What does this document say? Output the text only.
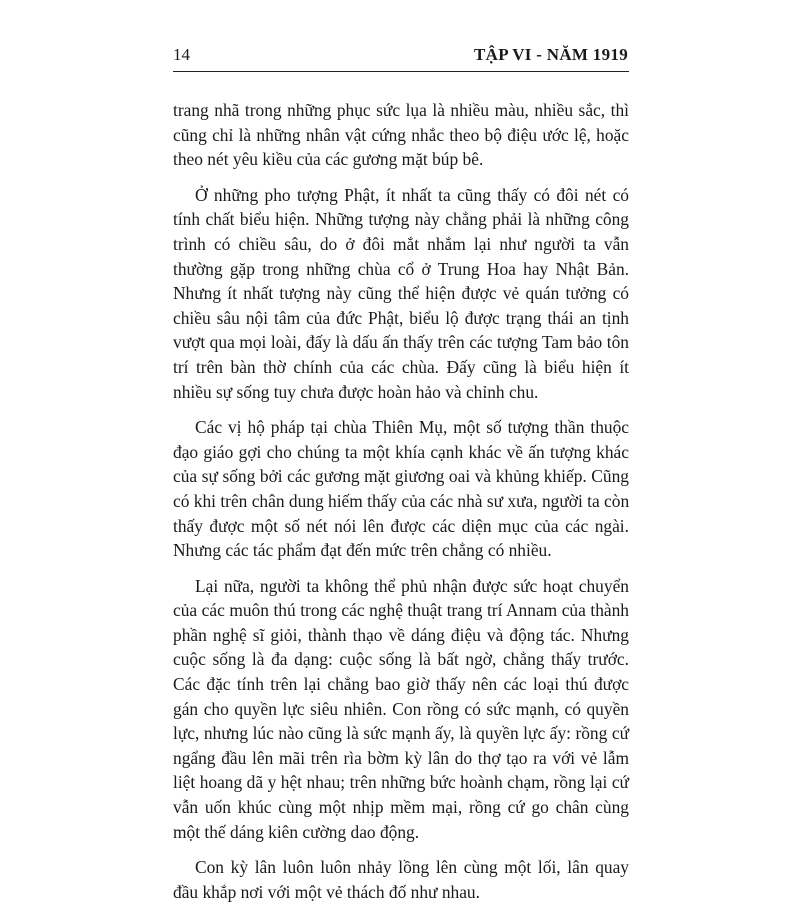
14	TẬP VI - NĂM 1919
trang nhã trong những phục sức lụa là nhiều màu, nhiều sắc, thì
cũng chỉ là những nhân vật cứng nhắc theo bộ điệu ước lệ, hoặc
theo nét yêu kiều của các gương mặt búp bê.
Ở những pho tượng Phật, ít nhất ta cũng thấy có đôi nét có
tính chất biểu hiện. Những tượng này chẳng phải là những công
trình có chiều sâu, do ở đôi mắt nhắm lại như người ta vẫn
thường gặp trong những chùa cổ ở Trung Hoa hay Nhật Bản.
Nhưng ít nhất tượng này cũng thể hiện được vẻ quán tưởng có
chiều sâu nội tâm của đức Phật, biểu lộ được trạng thái an tịnh
vượt qua mọi loài, đấy là dấu ấn thấy trên các tượng Tam bảo tôn
trí trên bàn thờ chính của các chùa. Đấy cũng là biểu hiện ít
nhiều sự sống tuy chưa được hoàn hảo và chỉnh chu.
Các vị hộ pháp tại chùa Thiên Mụ, một số tượng thần thuộc
đạo giáo gợi cho chúng ta một khía cạnh khác về ấn tượng khác
của sự sống bởi các gương mặt giương oai và khủng khiếp. Cũng
có khi trên chân dung hiếm thấy của các nhà sư xưa, người ta còn
thấy được một số nét nói lên được các diện mục của các ngài.
Nhưng các tác phẩm đạt đến mức trên chẳng có nhiều.
Lại nữa, người ta không thể phủ nhận được sức hoạt chuyển
của các muôn thú trong các nghệ thuật trang trí Annam của thành
phần nghệ sĩ giỏi, thành thạo về dáng điệu và động tác. Nhưng
cuộc sống là đa dạng: cuộc sống là bất ngờ, chẳng thấy trước.
Các đặc tính trên lại chẳng bao giờ thấy nên các loại thú được
gán cho quyền lực siêu nhiên. Con rồng có sức mạnh, có quyền
lực, nhưng lúc nào cũng là sức mạnh ấy, là quyền lực ấy: rồng cứ
ngẩng đầu lên mãi trên rìa bờm kỳ lân do thợ tạo ra với vẻ lẫm
liệt hoang dã y hệt nhau; trên những bức hoành chạm, rồng lại cứ
vẫn uốn khúc cùng một nhịp mềm mại, rồng cứ go chân cùng
một thế dáng kiên cường dao động.
Con kỳ lân luôn luôn nhảy lồng lên cùng một lối, lân quay
đầu khắp nơi với một vẻ thách đố như nhau.
